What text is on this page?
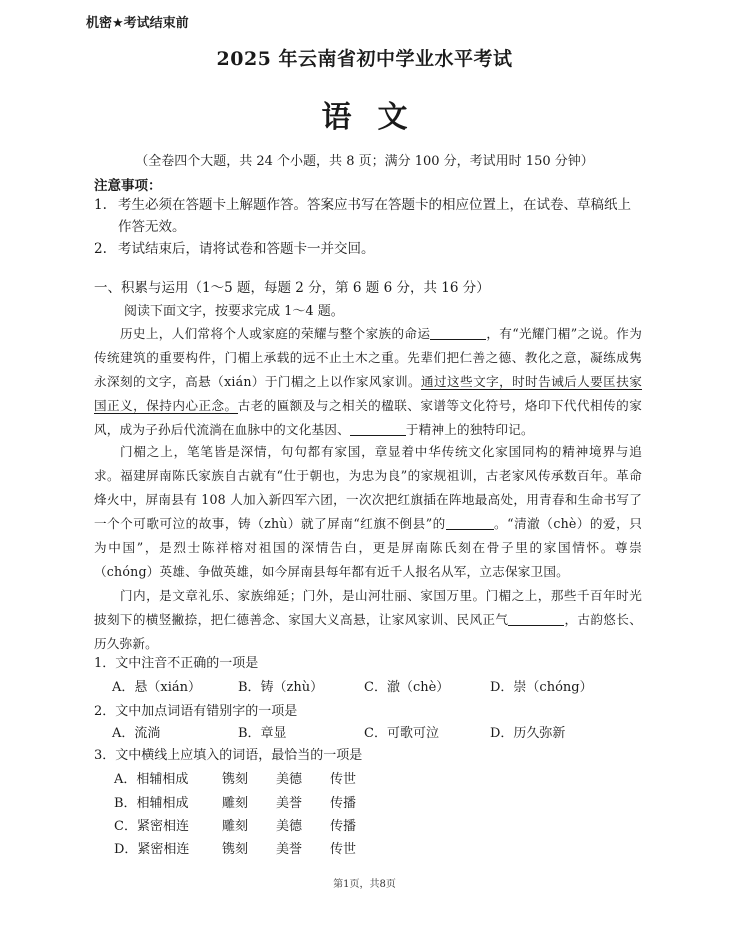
机密★考试结束前
2025 年云南省初中学业水平考试
语文
（全卷四个大题，共 24 个小题，共 8 页；满分 100 分，考试用时 150 分钟）
注意事项：
1. 考生必须在答题卡上解题作答。答案应书写在答题卡的相应位置上，在试卷、草稿纸上
作答无效。
2. 考试结束后，请将试卷和答题卡一并交回。
一、积累与运用（1～5 题，每题 2 分，第 6 题 6 分，共 16 分）
阅读下面文字，按要求完成 1～4 题。
历史上，人们常将个人或家庭的荣耀与整个家族的命运	，有“光耀门楣”之说。作为传统建筑的重要构件，门楣上承载的远不止土木之重。先辈们把仁善之德、教化之意，凝练成隽永深刻的文字，高悬（xián）于门楣之上以作家风家训。通过这些文字，时时告诫后人要匡扶家国正义，保持内心正念。古老的匾额及与之相关的楹联、家谱等文化符号，烙印下代代相传的家风，成为子孙后代流淌在血脉中的文化基因、	于精神上的独特印记。
门楣之上，笔笔皆是深情，句句都有家国，章显着中华传统文化家国同构的精神境界与追求。福建屏南陈氏家族自古就有“仕于朝也，为忠为良”的家规祖训，古老家风传承数百年。革命烽火中，屏南县有 108 人加入新四军六团，一次次把红旗插在阵地最高处，用青春和生命书写了一个个可歌可泣的故事，铸（zhù）就了屏南“红旗不倒县”的	。“清澈（chè）的爱，只为中国”，是烈士陈祥榕对祖国的深情告白，更是屏南陈氏刻在骨子里的家国情怀。尊崇（chóng）英雄、争做英雄，如今屏南县每年都有近千人报名从军，立志保家卫国。
门内，是文章礼乐、家族绵延；门外，是山河壮丽、家国万里。门楣之上，那些千百年时光披刻下的横竖撇捺，把仁德善念、家国大义高悬，让家风家训、民风正气	，古韵悠长、历久弥新。
1．文中注音不正确的一项是
A．悬（xián）	B．铸（zhù）	C．澈（chè）	D．崇（chóng）
2．文中加点词语有错别字的一项是
A．流淌	B．章显	C．可歌可泣	D．历久弥新
3．文中横线上应填入的词语，最恰当的一项是
A．相辅相成	镌刻 美德 传世
B．相辅相成	雕刻 美誉 传播
C．紧密相连	雕刻 美德 传播
D．紧密相连	镌刻 美誉 传世
第1页，共8页
